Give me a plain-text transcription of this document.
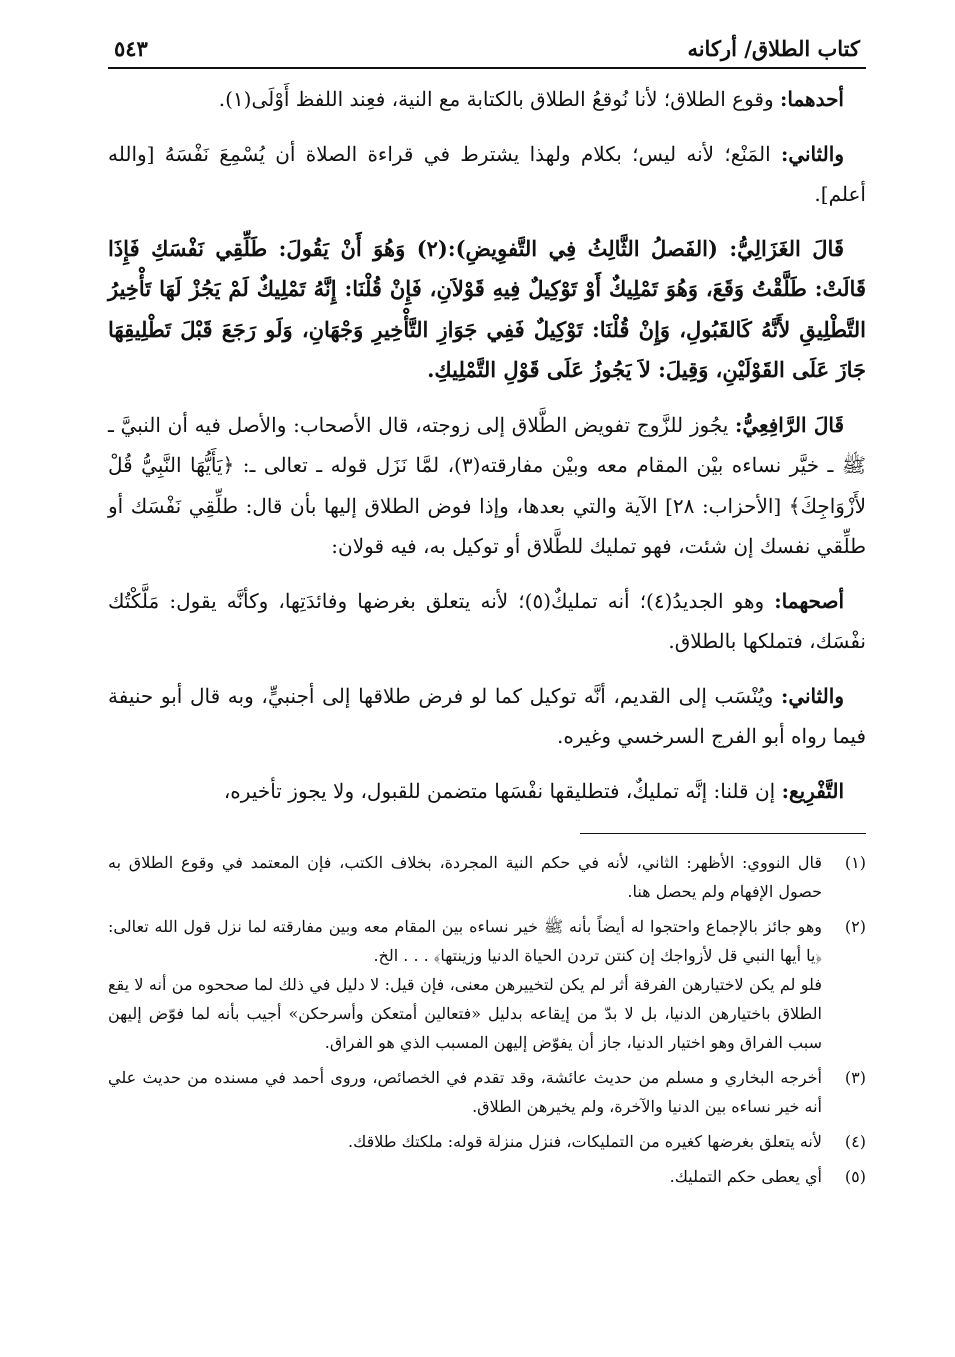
كتاب الطلاق/ أركانه
٥٤٣

أحدهما: وقوع الطلاق؛ لأنا نُوقعُ الطلاق بالكتابة مع النية، فعِند اللفظ أَوْلَى(١).

والثاني: المَنْع؛ لأنه ليس؛ بكلام ولهذا يشترط في قراءة الصلاة أن يُسْمِعَ نَفْسَهُ [والله أعلم].

قَالَ الغَزَالِيُّ: (الفَصلُ الثَّالِثُ فِي التَّفوِيضِ):(٢) وَهُوَ أَنْ يَقُولَ: طَلِّقِي نَفْسَكِ فَإِذَا قَالَتْ: طَلَّقْتُ وَقَعَ، وَهُوَ تَمْلِيكٌ أَوْ تَوْكِيلٌ فِيهِ قَوْلاَنِ، فَإِنْ قُلْنَا: إِنَّهُ تَمْلِيكٌ لَمْ يَجُزْ لَهَا تَأْخِيرُ التَّطْلِيقِ لأَنَّهُ كَالقَبُولِ، وَإِنْ قُلْنَا: تَوْكِيلٌ فَفِي جَوَازِ التَّأْخِيرِ وَجْهَانِ، وَلَو رَجَعَ قَبْلَ تَطْلِيقِهَا جَازَ عَلَى القَوْلَيْنِ، وَقِيلَ: لاَ يَجُوزُ عَلَى قَوْلِ التَّمْلِيكِ.

قَالَ الرَّافِعِيُّ: يجُوز للزَّوج تفويض الطَّلاق إلى زوجته، قال الأصحاب: والأصل فيه أن النبيَّ ـ ﷺ ـ خيَّر نساءه بيْن المقام معه وبيْن مفارقته(٣)، لمَّا نَزَل قوله ـ تعالى ـ: ﴿يَأَيُّهَا النَّبِيُّ قُلْ لأَزْوَاجِكَ﴾ [الأحزاب: ٢٨] الآية والتي بعدها، وإذا فوض الطلاق إليها بأن قال: طلِّقِي نَفْسَك أو طلِّقي نفسك إن شئت، فهو تمليك للطَّلاق أو توكيل به، فيه قولان:

أصحهما: وهو الجديدُ(٤)؛ أنه تمليكٌ(٥)؛ لأنه يتعلق بغرضها وفائدَتِها، وكأنَّه يقول: مَلَّكْتُك نفْسَك، فتملكها بالطلاق.

والثاني: ويُنْسَب إلى القديم، أنَّه توكيل كما لو فرض طلاقها إلى أجنبيٍّ، وبه قال أبو حنيفة فيما رواه أبو الفرج السرخسي وغيره.

التَّفْرِيع: إن قلنا: إنَّه تمليكٌ، فتطليقها نفْسَها متضمن للقبول، ولا يجوز تأخيره،

(١)
قال النووي: الأظهر: الثاني، لأنه في حكم النية المجردة، بخلاف الكتب، فإن المعتمد في وقوع الطلاق به حصول الإفهام ولم يحصل هنا.
(٢)
وهو جائز بالإجماع واحتجوا له أيضاً بأنه ﷺ خير نساءه بين المقام معه وبين مفارقته لما نزل قول الله تعالى: ﴿يا أيها النبي قل لأزواجك إن كنتن تردن الحياة الدنيا وزينتها﴾ . . . الخ.
فلو لم يكن لاختيارهن الفرقة أثر لم يكن لتخييرهن معنى، فإن قيل: لا دليل في ذلك لما صححوه من أنه لا يقع الطلاق باختيارهن الدنيا، بل لا بدّ من إيقاعه بدليل «فتعالين أمتعكن وأسرحكن» أجيب بأنه لما فوّض إليهن سبب الفراق وهو اختيار الدنيا، جاز أن يفوّض إليهن المسبب الذي هو الفراق.
(٣)
أخرجه البخاري و مسلم من حديث عائشة، وقد تقدم في الخصائص، وروى أحمد في مسنده من حديث علي أنه خير نساءه بين الدنيا والآخرة، ولم يخيرهن الطلاق.
(٤)
لأنه يتعلق بغرضها كغيره من التمليكات، فنزل منزلة قوله: ملكتك طلاقك.
(٥)
أي يعطى حكم التمليك.
